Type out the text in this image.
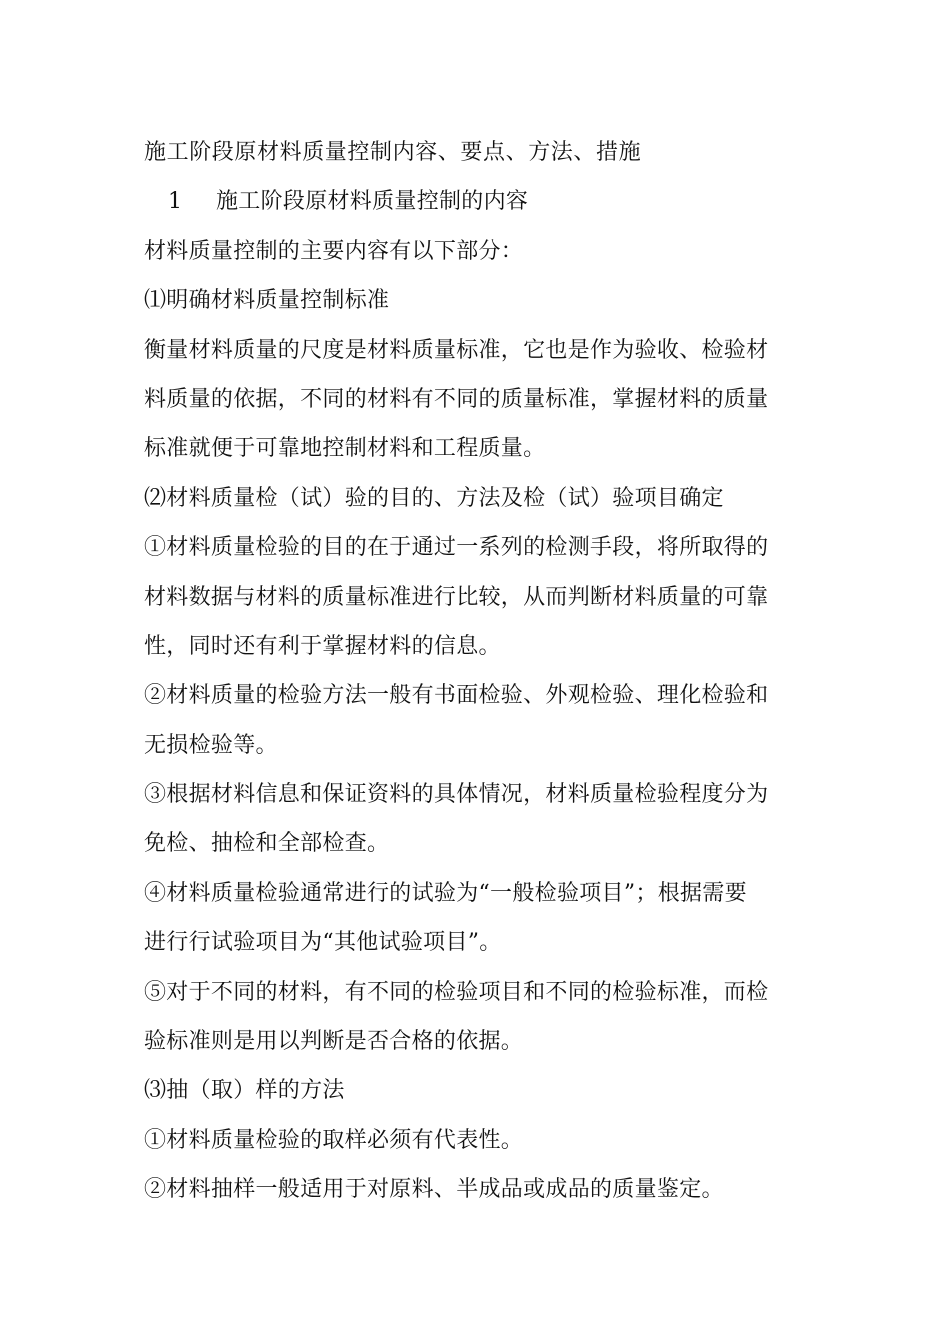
施工阶段原材料质量控制内容、要点、方法、措施
1	施工阶段原材料质量控制的内容
材料质量控制的主要内容有以下部分：
⑴明确材料质量控制标准
衡量材料质量的尺度是材料质量标准，它也是作为验收、检验材
料质量的依据，不同的材料有不同的质量标准，掌握材料的质量
标准就便于可靠地控制材料和工程质量。
⑵材料质量检（试）验的目的、方法及检（试）验项目确定
①材料质量检验的目的在于通过一系列的检测手段，将所取得的
材料数据与材料的质量标准进行比较，从而判断材料质量的可靠
性，同时还有利于掌握材料的信息。
②材料质量的检验方法一般有书面检验、外观检验、理化检验和
无损检验等。
③根据材料信息和保证资料的具体情况，材料质量检验程度分为
免检、抽检和全部检查。
④材料质量检验通常进行的试验为“一般检验项目”；根据需要
进行行试验项目为“其他试验项目”。
⑤对于不同的材料，有不同的检验项目和不同的检验标准，而检
验标准则是用以判断是否合格的依据。
⑶抽（取）样的方法
①材料质量检验的取样必须有代表性。
②材料抽样一般适用于对原料、半成品或成品的质量鉴定。
